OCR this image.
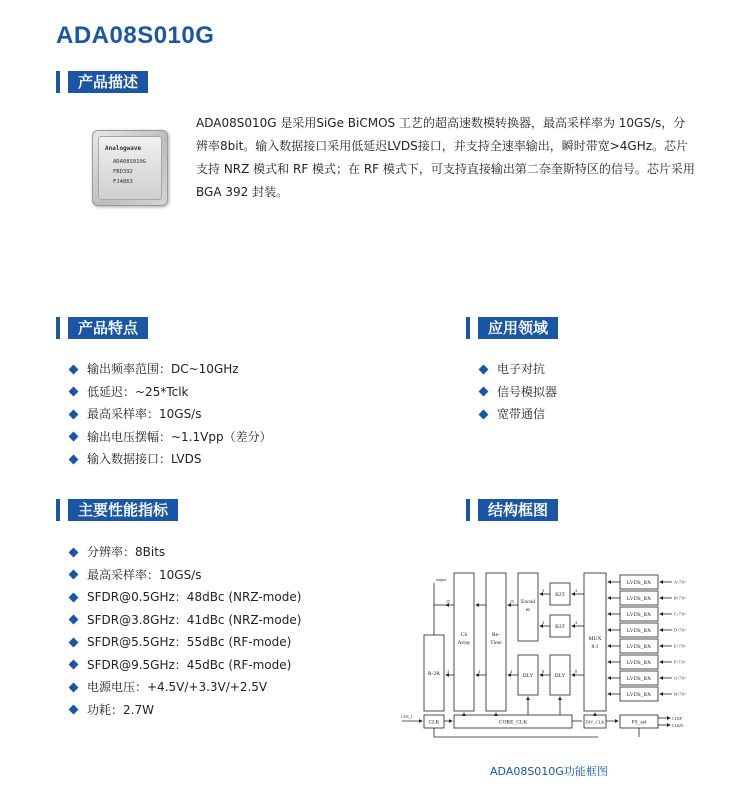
ADA08S010G
产品描述
Analogwave
ADA08S010G
FBD392
FJ4863
ADA08S010G 是采用SiGe BiCMOS 工艺的超高速数模转换器，最高采样率为 10GS/s，分辨率8bit。输入数据接口采用低延迟LVDS接口，并支持全速率输出，瞬时带宽>4GHz。芯片支持 NRZ 模式和 RF 模式；在 RF 模式下，可支持直接输出第二奈奎斯特区的信号。芯片采用 BGA 392 封装。
产品特点
输出频率范围：DC~10GHz
低延迟：~25*Tclk
最高采样率：10GS/s
输出电压摆幅：~1.1Vpp（差分）
输入数据接口：LVDS
应用领域
电子对抗
信号模拟器
宽带通信
主要性能指标
分辨率：8Bits
最高采样率：10GS/s
SFDR@0.5GHz：48dBc (NRZ-mode)
SFDR@3.8GHz：41dBc (NRZ-mode)
SFDR@5.5GHz：55dBc (RF-mode)
SFDR@9.5GHz：45dBc (RF-mode)
电源电压：+4.5V/+3.3V/+2.5V
功耗：2.7W
结构框图
R-2R
CS
Array
Re-
Time
Encod
er
DLY
B2T
B3T
DLY
MUX
8:1
CLK	CORE_CLK	DIV_CLK	FS_sel
LVDS_RX
LVDS_RX
LVDS_RX
LVDS_RX
LVDS_RX
LVDS_RX
LVDS_RX
LVDS_RX
A<7:0>
B<7:0>
C<7:0>
D<7:0>
E<7:0>
F<7:0>
G<7:0>
H<7:0>
output
CLK_I	CLKP
CLKN
15	15
3
4
4
4
8
8
4
4
4
ADA08S010G功能框图
